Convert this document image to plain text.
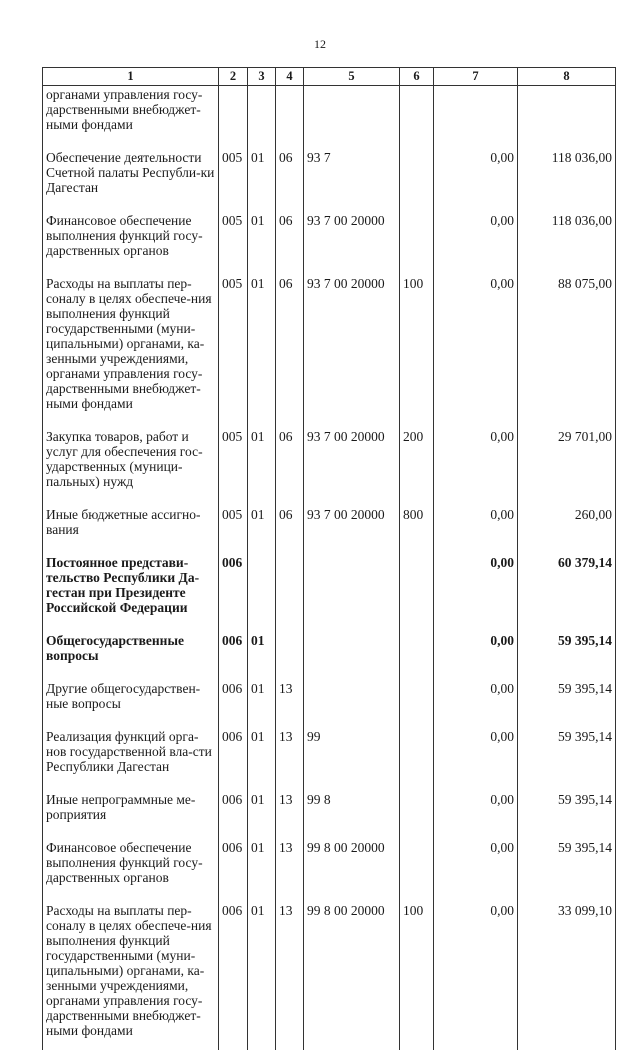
12
1	2	3	4	5	6	7	8
органами управления госу-дарственными внебюджет-ными фондами							
Обеспечение деятельности Счетной палаты Республи-ки Дагестан	005	01	06	93 7		0,00	118 036,00
Финансовое обеспечение выполнения функций госу-дарственных органов	005	01	06	93 7 00 20000		0,00	118 036,00
Расходы на выплаты пер-соналу в целях обеспече-ния выполнения функций государственными (муни-ципальными) органами, ка-зенными учреждениями, органами управления госу-дарственными внебюджет-ными фондами	005	01	06	93 7 00 20000	100	0,00	88 075,00
Закупка товаров, работ и услуг для обеспечения гос-ударственных (муници-пальных) нужд	005	01	06	93 7 00 20000	200	0,00	29 701,00
Иные бюджетные ассигно-вания	005	01	06	93 7 00 20000	800	0,00	260,00
Постоянное представи-тельство Республики Да-гестан при Президенте Российской Федерации	006					0,00	60 379,14
Общегосударственные вопросы	006	01				0,00	59 395,14
Другие общегосударствен-ные вопросы	006	01	13			0,00	59 395,14
Реализация функций орга-нов государственной вла-сти Республики Дагестан	006	01	13	99		0,00	59 395,14
Иные непрограммные ме-роприятия	006	01	13	99 8		0,00	59 395,14
Финансовое обеспечение выполнения функций госу-дарственных органов	006	01	13	99 8 00 20000		0,00	59 395,14
Расходы на выплаты пер-соналу в целях обеспече-ния выполнения функций государственными (муни-ципальными) органами, ка-зенными учреждениями, органами управления госу-дарственными внебюджет-ными фондами	006	01	13	99 8 00 20000	100	0,00	33 099,10
